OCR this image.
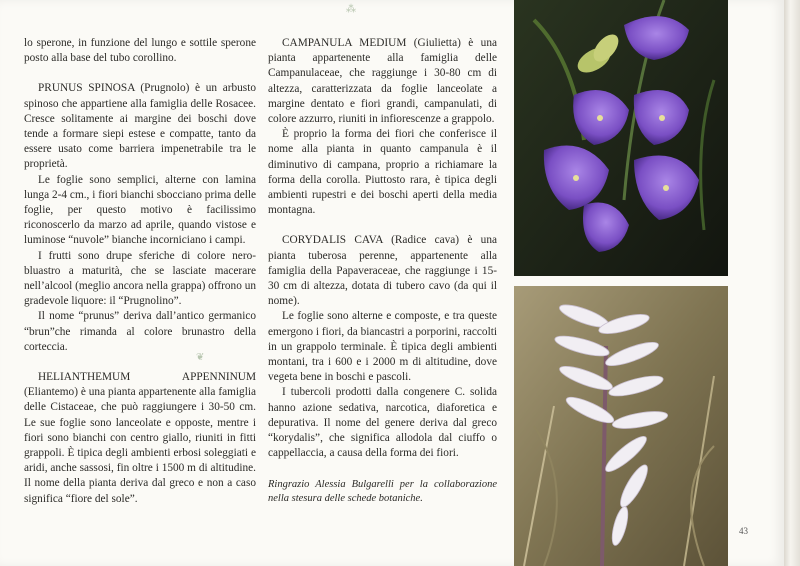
lo sperone, in funzione del lungo e sottile sperone posto alla base del tubo corollino.

PRUNUS SPINOSA (Prugnolo) è un arbusto spinoso che appartiene alla famiglia delle Rosacee. Cresce solitamente ai margine dei boschi dove tende a formare siepi estese e compatte, tanto da essere usato come barriera impenetrabile tra le proprietà.

Le foglie sono semplici, alterne con lamina lunga 2-4 cm., i fiori bianchi sbocciano prima delle foglie, per questo motivo è facilissimo riconoscerlo da marzo ad aprile, quando vistose e luminose “nuvole” bianche incorniciano i campi.

I frutti sono drupe sferiche di colore nero-bluastro a maturità, che se lasciate macerare nell’alcool (meglio ancora nella grappa) offrono un gradevole liquore: il “Prugnolino”.

Il nome “prunus” deriva dall’antico germanico “brun”che rimanda al colore brunastro della corteccia.

HELIANTHEMUM APPENNINUM (Eliantemo) è una pianta appartenente alla famiglia delle Cistaceae, che può raggiungere i 30-50 cm. Le sue foglie sono lanceolate e opposte, mentre i fiori sono bianchi con centro giallo, riuniti in fitti grappoli. È tipica degli ambienti erbosi soleggiati e aridi, anche sassosi, fin oltre i 1500 m di altitudine. Il nome della pianta deriva dal greco e non a caso significa “fiore del sole”.

CAMPANULA MEDIUM (Giulietta) è una pianta appartenente alla famiglia delle Campanulaceae, che raggiunge i 30-80 cm di altezza, caratterizzata da foglie lanceolate a margine dentato e fiori grandi, campanulati, di colore azzurro, riuniti in infiorescenze a grappolo.

È proprio la forma dei fiori che conferisce il nome alla pianta in quanto campanula è il diminutivo di campana, proprio a richiamare la forma della corolla. Piuttosto rara, è tipica degli ambienti rupestri e dei boschi aperti della media montagna.

CORYDALIS CAVA (Radice cava) è una pianta tuberosa perenne, appartenente alla famiglia della Papaveraceae, che raggiunge i 15-30 cm di altezza, dotata di tubero cavo (da qui il nome).

Le foglie sono alterne e composte, e tra queste emergono i fiori, da biancastri a porporini, raccolti in un grappolo terminale. È tipica degli ambienti montani, tra i 600 e i 2000 m di altitudine, dove vegeta bene in boschi e pascoli.

I tubercoli prodotti dalla congenere C. solida hanno azione sedativa, narcotica, diaforetica e depurativa. Il nome del genere deriva dal greco “korydalis”, che significa allodola dal ciuffo o cappellaccia, a causa della forma dei fiori.

Ringrazio Alessia Bulgarelli per la collaborazione nella stesura delle schede botaniche.
⁂
❦
43
